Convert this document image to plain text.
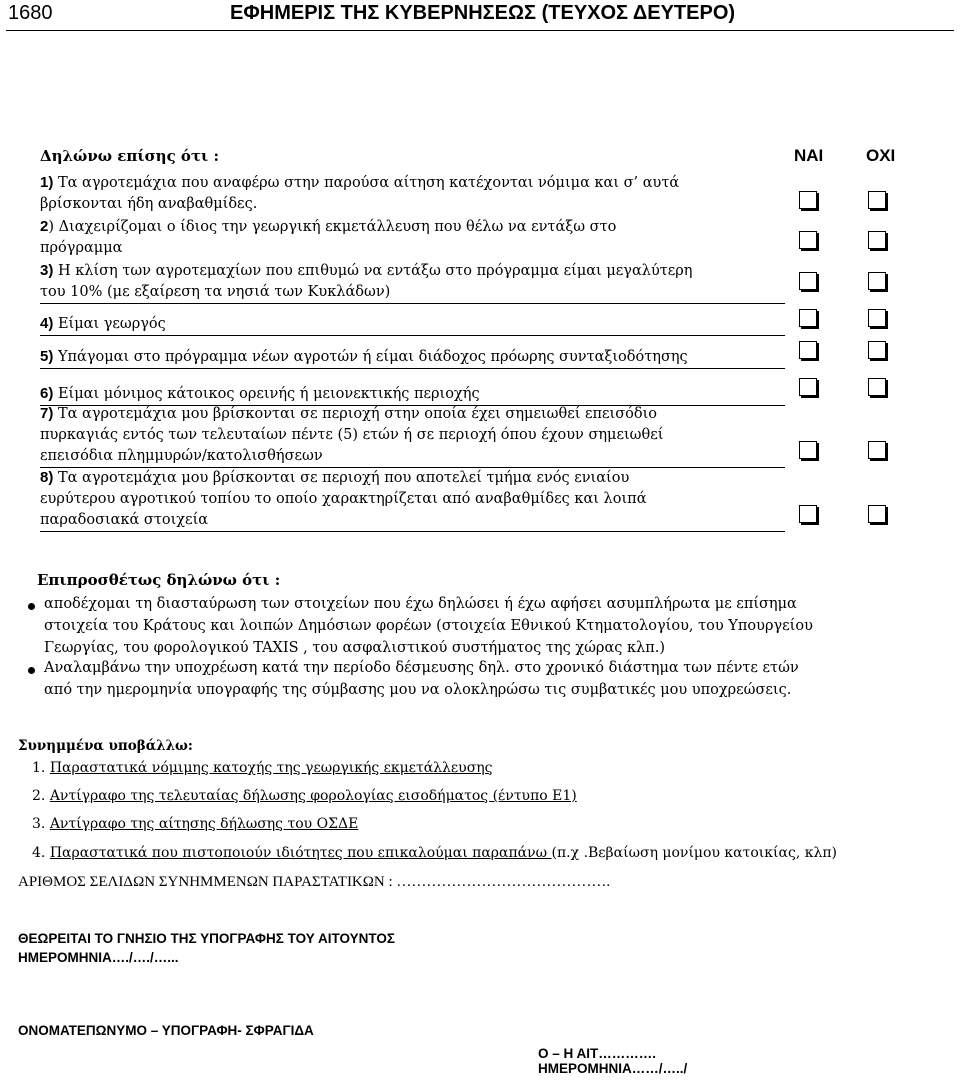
1680	ΕΦΗΜΕΡΙΣ ΤΗΣ ΚΥΒΕΡΝΗΣΕΩΣ (ΤΕΥΧΟΣ ΔΕΥΤΕΡΟ)
Δηλώνω επίσης ότι :	ΝΑΙ	ΟΧΙ
1) Τα αγροτεμάχια που αναφέρω στην παρούσα αίτηση κατέχονται νόμιμα και σ’ αυτά
βρίσκονται ήδη αναβαθμίδες.
2) Διαχειρίζομαι ο ίδιος την γεωργική εκμετάλλευση που θέλω να εντάξω στο
πρόγραμμα
3) Η κλίση των αγροτεμαχίων που επιθυμώ να εντάξω στο πρόγραμμα είμαι μεγαλύτερη
του 10% (με εξαίρεση τα νησιά των Κυκλάδων)
4) Είμαι γεωργός
5) Υπάγομαι στο πρόγραμμα νέων αγροτών ή είμαι διάδοχος πρόωρης συνταξιοδότησης
6) Είμαι μόνιμος κάτοικος ορεινής ή μειονεκτικής περιοχής
7) Τα αγροτεμάχια μου βρίσκονται σε περιοχή στην οποία έχει σημειωθεί επεισόδιο
πυρκαγιάς εντός των τελευταίων πέντε (5) ετών ή σε περιοχή όπου έχουν σημειωθεί
επεισόδια πλημμυρών/κατολισθήσεων
8) Τα αγροτεμάχια μου βρίσκονται σε περιοχή που αποτελεί τμήμα ενός ενιαίου
ευρύτερου αγροτικού τοπίου το οποίο χαρακτηρίζεται από αναβαθμίδες και λοιπά
παραδοσιακά στοιχεία
Επιπροσθέτως δηλώνω ότι :
αποδέχομαι τη διασταύρωση των στοιχείων που έχω δηλώσει ή έχω αφήσει ασυμπλήρωτα με επίσημα
στοιχεία του Κράτους και λοιπών Δημόσιων φορέων (στοιχεία Εθνικού Κτηματολογίου, του Υπουργείου
Γεωργίας, του φορολογικού TAXIS , του ασφαλιστικού συστήματος της χώρας κλπ.)
Αναλαμβάνω την υποχρέωση κατά την περίοδο δέσμευσης δηλ. στο χρονικό διάστημα των πέντε ετών
από την ημερομηνία υπογραφής της σύμβασης μου να ολοκληρώσω τις συμβατικές μου υποχρεώσεις.
Συνημμένα υποβάλλω:
1. Παραστατικά νόμιμης κατοχής της γεωργικής εκμετάλλευσης
2. Αντίγραφο της τελευταίας δήλωσης φορολογίας εισοδήματος (έντυπο Ε1)
3. Αντίγραφο της αίτησης δήλωσης του ΟΣΔΕ
4. Παραστατικά που πιστοποιούν ιδιότητες που επικαλούμαι παραπάνω (π.χ .Βεβαίωση μονίμου κατοικίας, κλπ)
ΑΡΙΘΜΟΣ ΣΕΛΙΔΩΝ ΣΥΝΗΜΜΕΝΩΝ ΠΑΡΑΣΤΑΤΙΚΩΝ : …………………………………….
ΘΕΩΡΕΙΤΑΙ ΤΟ ΓΝΗΣΙΟ ΤΗΣ ΥΠΟΓΡΑΦΗΣ ΤΟΥ ΑΙΤΟΥΝΤΟΣ
ΗΜΕΡΟΜΗΝΙΑ…./…./…...
ΟΝΟΜΑΤΕΠΩΝΥΜΟ – ΥΠΟΓΡΑΦΗ- ΣΦΡΑΓΙΔΑ
Ο – Η ΑΙΤ………….
ΗΜΕΡΟΜΗΝΙΑ……/…../
